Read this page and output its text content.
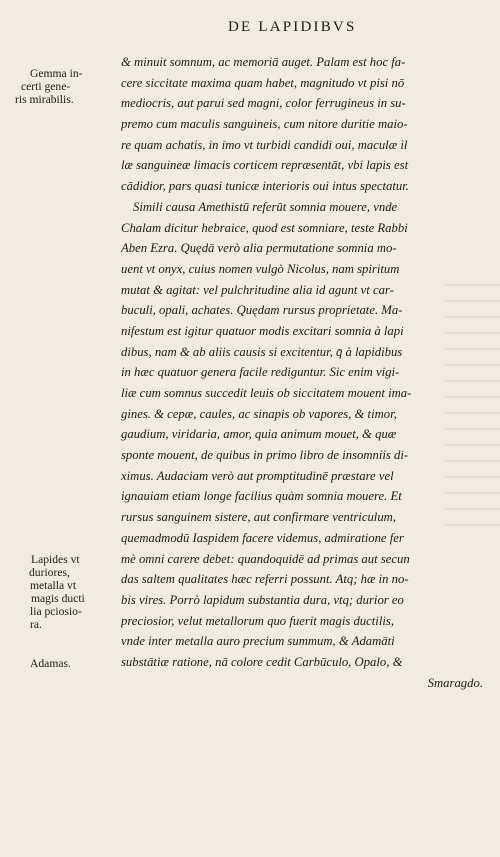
DE LAPIDIBVS
Gemma in-
certi gene-
ris mirabilis.
Lapides vt
duriores,
metalla vt
magis ducti
lia pciosio-
ra.
Adamas.
& minuit somnum, ac memoriā auget. Palam est hoc fa-
cere siccitate maxima quam habet, magnitudo vt pisi nō
mediocris, aut parui sed magni, color ferrugineus in su-
premo cum maculis sanguineis, cum nitore duritie maio-
re quam achatis, in imo vt turbidi candidi oui, maculæ il
læ sanguineæ limacis corticem repræsentāt, vbi lapis est
cādidior, pars quasi tunicæ interioris oui intus spectatur.
Simili causa Amethistū referūt somnia mouere, vnde
Chalam dicitur hebraice, quod est somniare, teste Rabbi
Aben Ezra. Quędā verò alia permutatione somnia mo-
uent vt onyx, cuius nomen vulgò Nicolus, nam spiritum
mutat & agitat: vel pulchritudine alia id agunt vt car-
buculi, opali, achates. Quędam rursus proprietate. Ma-
nifestum est igitur quatuor modis excitari somnia à lapi
dibus, nam & ab aliis causis si excitentur, q̄ à lapidibus
in hæc quatuor genera facile rediguntur. Sic enim vigi-
liæ cum somnus succedit leuis ob siccitatem mouent ima-
gines. & cepæ, caules, ac sinapis ob vapores, & timor,
gaudium, viridaria, amor, quia animum mouet, & quæ
sponte mouent, de quibus in primo libro de insomniis di-
ximus. Audaciam verò aut promptitudinē præstare vel
ignauiam etiam longe facilius quàm somnia mouere. Et
rursus sanguinem sistere, aut confirmare ventriculum,
quemadmodū Iaspidem facere videmus, admiratione fer
mè omni carere debet: quandoquidē ad primas aut secun
das saltem qualitates hæc referri possunt. Atq; hæ in no-
bis vires. Porrò lapidum substantia dura, vtq; durior eo
preciosior, velut metallorum quo fuerit magis ductilis,
vnde inter metalla auro precium summum, & Adamāti
substātiæ ratione, nā colore cedit Carbūculo, Opalo, &
Smaragdo.
